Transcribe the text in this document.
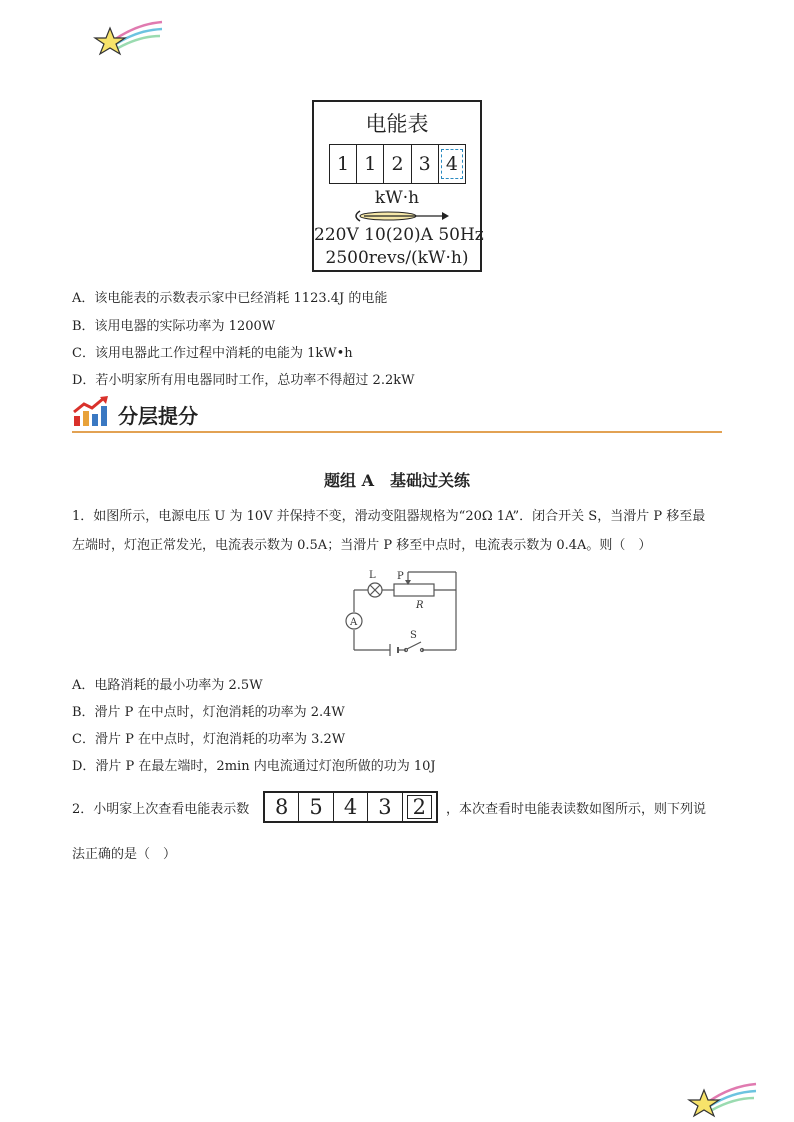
电能表
1 1 2 3 4
kW·h
220V 10(20)A 50Hz
2500revs/(kW·h)
A．该电能表的示数表示家中已经消耗 1123.4J 的电能
B．该用电器的实际功率为 1200W
C．该用电器此工作过程中消耗的电能为 1kW•h
D．若小明家所有用电器同时工作，总功率不得超过 2.2kW
分层提分
题组 A　基础过关练
1．如图所示，电源电压 U 为 10V 并保持不变，滑动变阻器规格为“20Ω 1A”．闭合开关 S，当滑片 P 移至最
左端时，灯泡正常发光，电流表示数为 0.5A；当滑片 P 移至中点时，电流表示数为 0.4A。则（　）
L P
R
A
S
A．电路消耗的最小功率为 2.5W
B．滑片 P 在中点时，灯泡消耗的功率为 2.4W
C．滑片 P 在中点时，灯泡消耗的功率为 3.2W
D．滑片 P 在最左端时，2min 内电流通过灯泡所做的功为 10J
2．小明家上次查看电能表示数	8	5	4	3	2	，本次查看时电能表读数如图所示，则下列说
法正确的是（　）
